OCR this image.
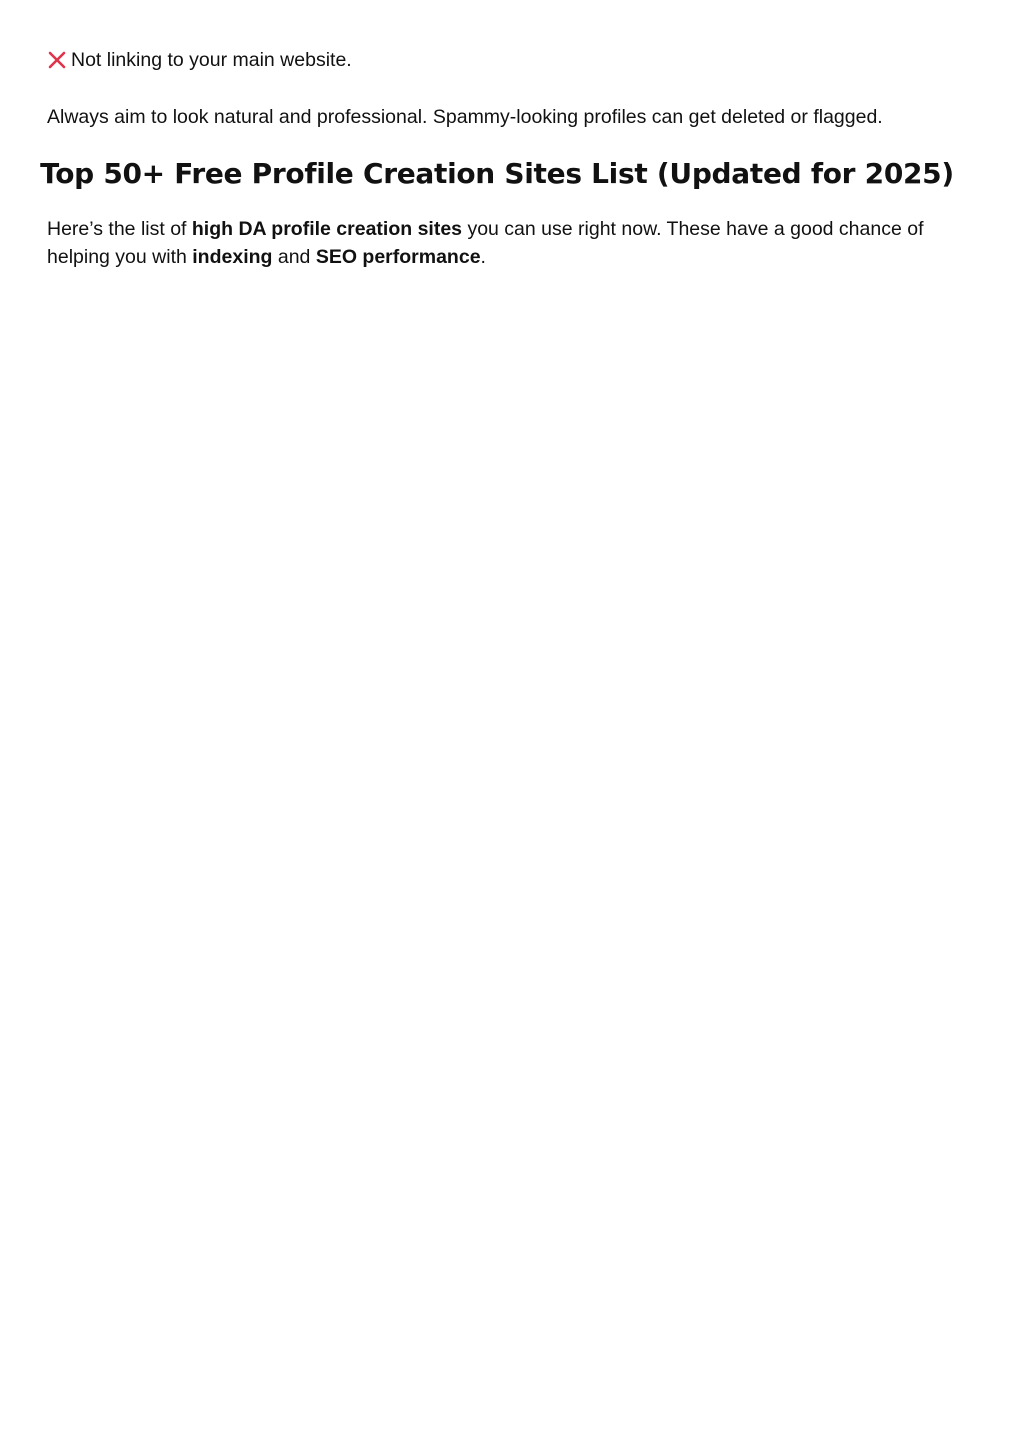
Not linking to your main website.

Always aim to look natural and professional. Spammy-looking profiles can get deleted or flagged.

Top 50+ Free Profile Creation Sites List (Updated for 2025)

Here’s the list of high DA profile creation sites you can use right now. These have a good chance of helping you with indexing and SEO performance.
